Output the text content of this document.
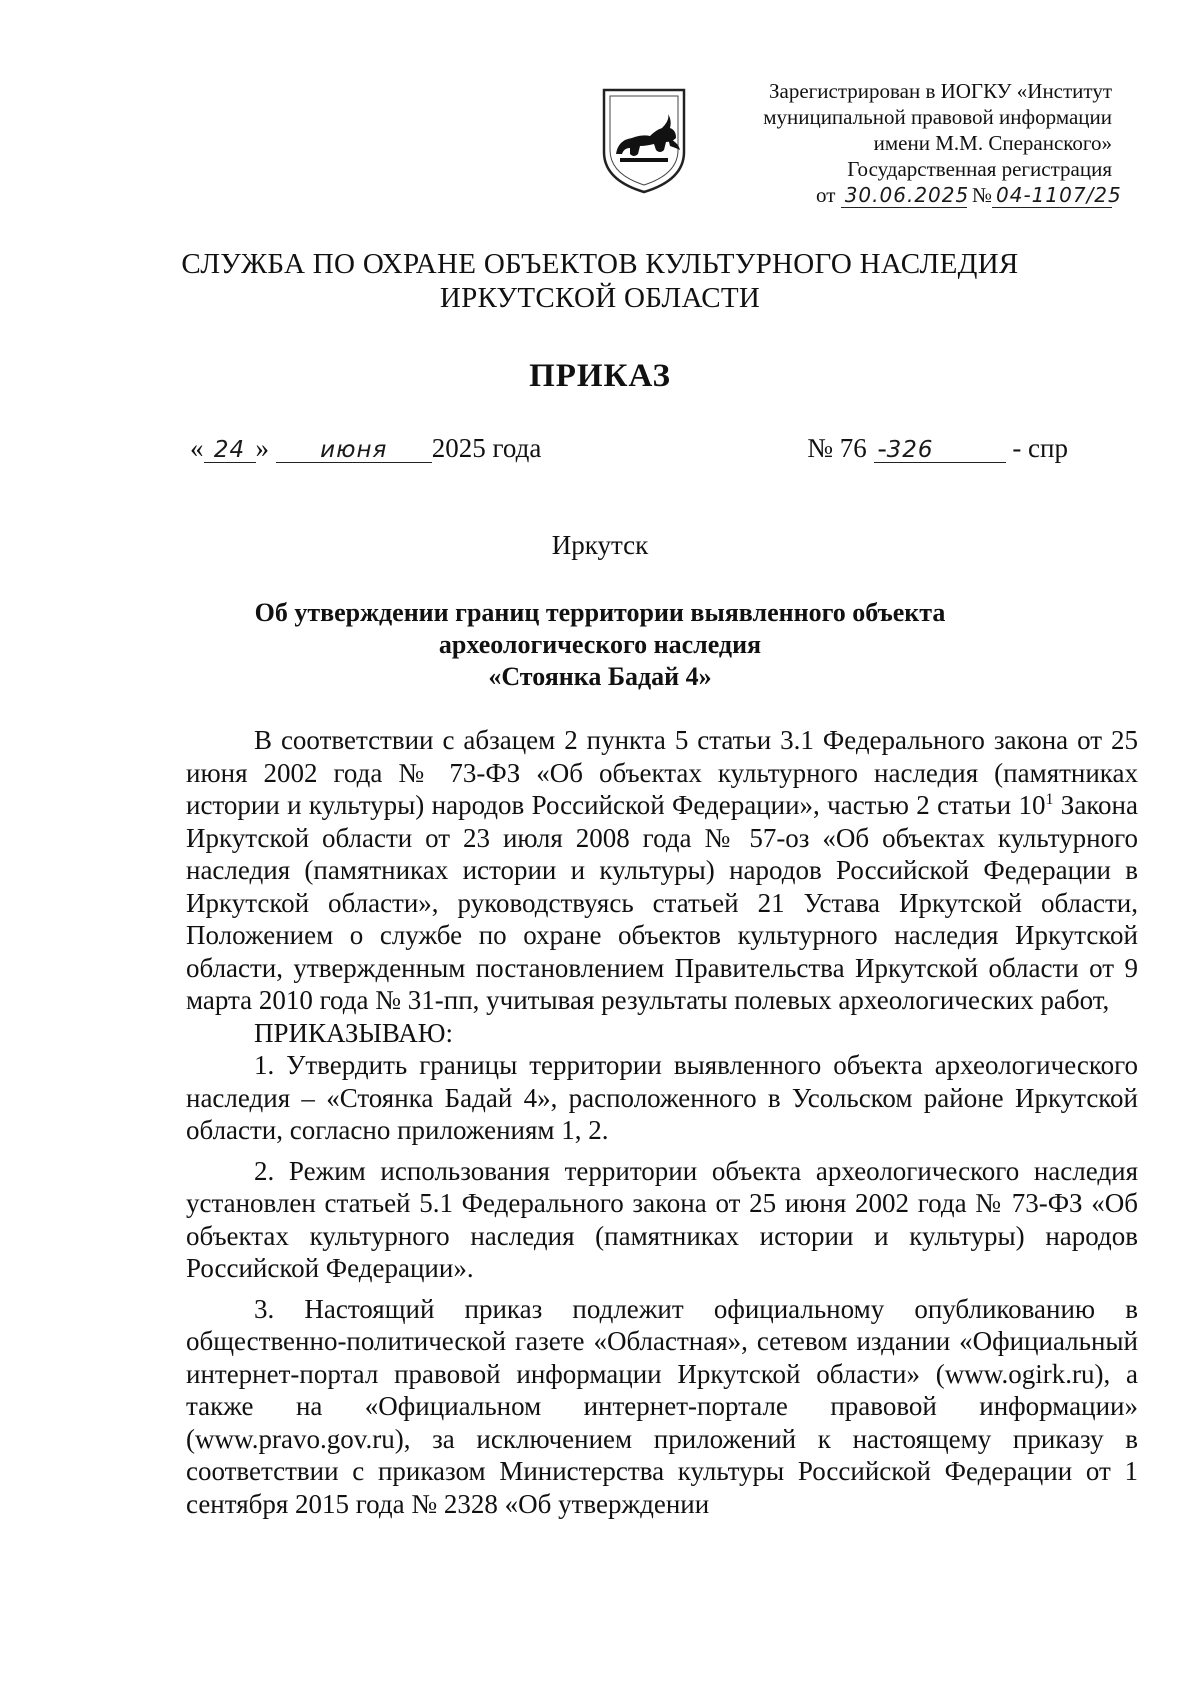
Зарегистрирован в ИОГКУ «Институт
муниципальной правовой информации
имени М.М. Сперанского»
Государственная регистрация
от 30.06.2025 № 04-1107/25
СЛУЖБА ПО ОХРАНЕ ОБЪЕКТОВ КУЛЬТУРНОГО НАСЛЕДИЯ
ИРКУТСКОЙ ОБЛАСТИ
ПРИКАЗ
« 24 » июня 2025 года	№ 76 -326	- спр
Иркутск
Об утверждении границ территории выявленного объекта
археологического наследия
«Стоянка Бадай 4»

В соответствии с абзацем 2 пункта 5 статьи 3.1 Федерального закона от 25 июня 2002 года № 73-ФЗ «Об объектах культурного наследия (памятниках истории и культуры) народов Российской Федерации», частью 2 статьи $10^1$ Закона Иркутской области от 23 июля 2008 года № 57-оз «Об объектах культурного наследия (памятниках истории и культуры) народов Российской Федерации в Иркутской области», руководствуясь статьей 21 Устава Иркутской области, Положением о службе по охране объектов культурного наследия Иркутской области, утвержденным постановлением Правительства Иркутской области от 9 марта 2010 года № 31-пп, учитывая результаты полевых археологических работ,

ПРИКАЗЫВАЮ:

1. Утвердить границы территории выявленного объекта археологического наследия – «Стоянка Бадай 4», расположенного в Усольском районе Иркутской области, согласно приложениям 1, 2.

2. Режим использования территории объекта археологического наследия установлен статьей 5.1 Федерального закона от 25 июня 2002 года № 73-ФЗ «Об объектах культурного наследия (памятниках истории и культуры) народов Российской Федерации».

3. Настоящий приказ подлежит официальному опубликованию в общественно-политической газете «Областная», сетевом издании «Официальный интернет-портал правовой информации Иркутской области» (www.ogirk.ru), а также на «Официальном интернет-портале правовой информации» (www.pravo.gov.ru), за исключением приложений к настоящему приказу в соответствии с приказом Министерства культуры Российской Федерации от 1 сентября 2015 года № 2328 «Об утверждении
